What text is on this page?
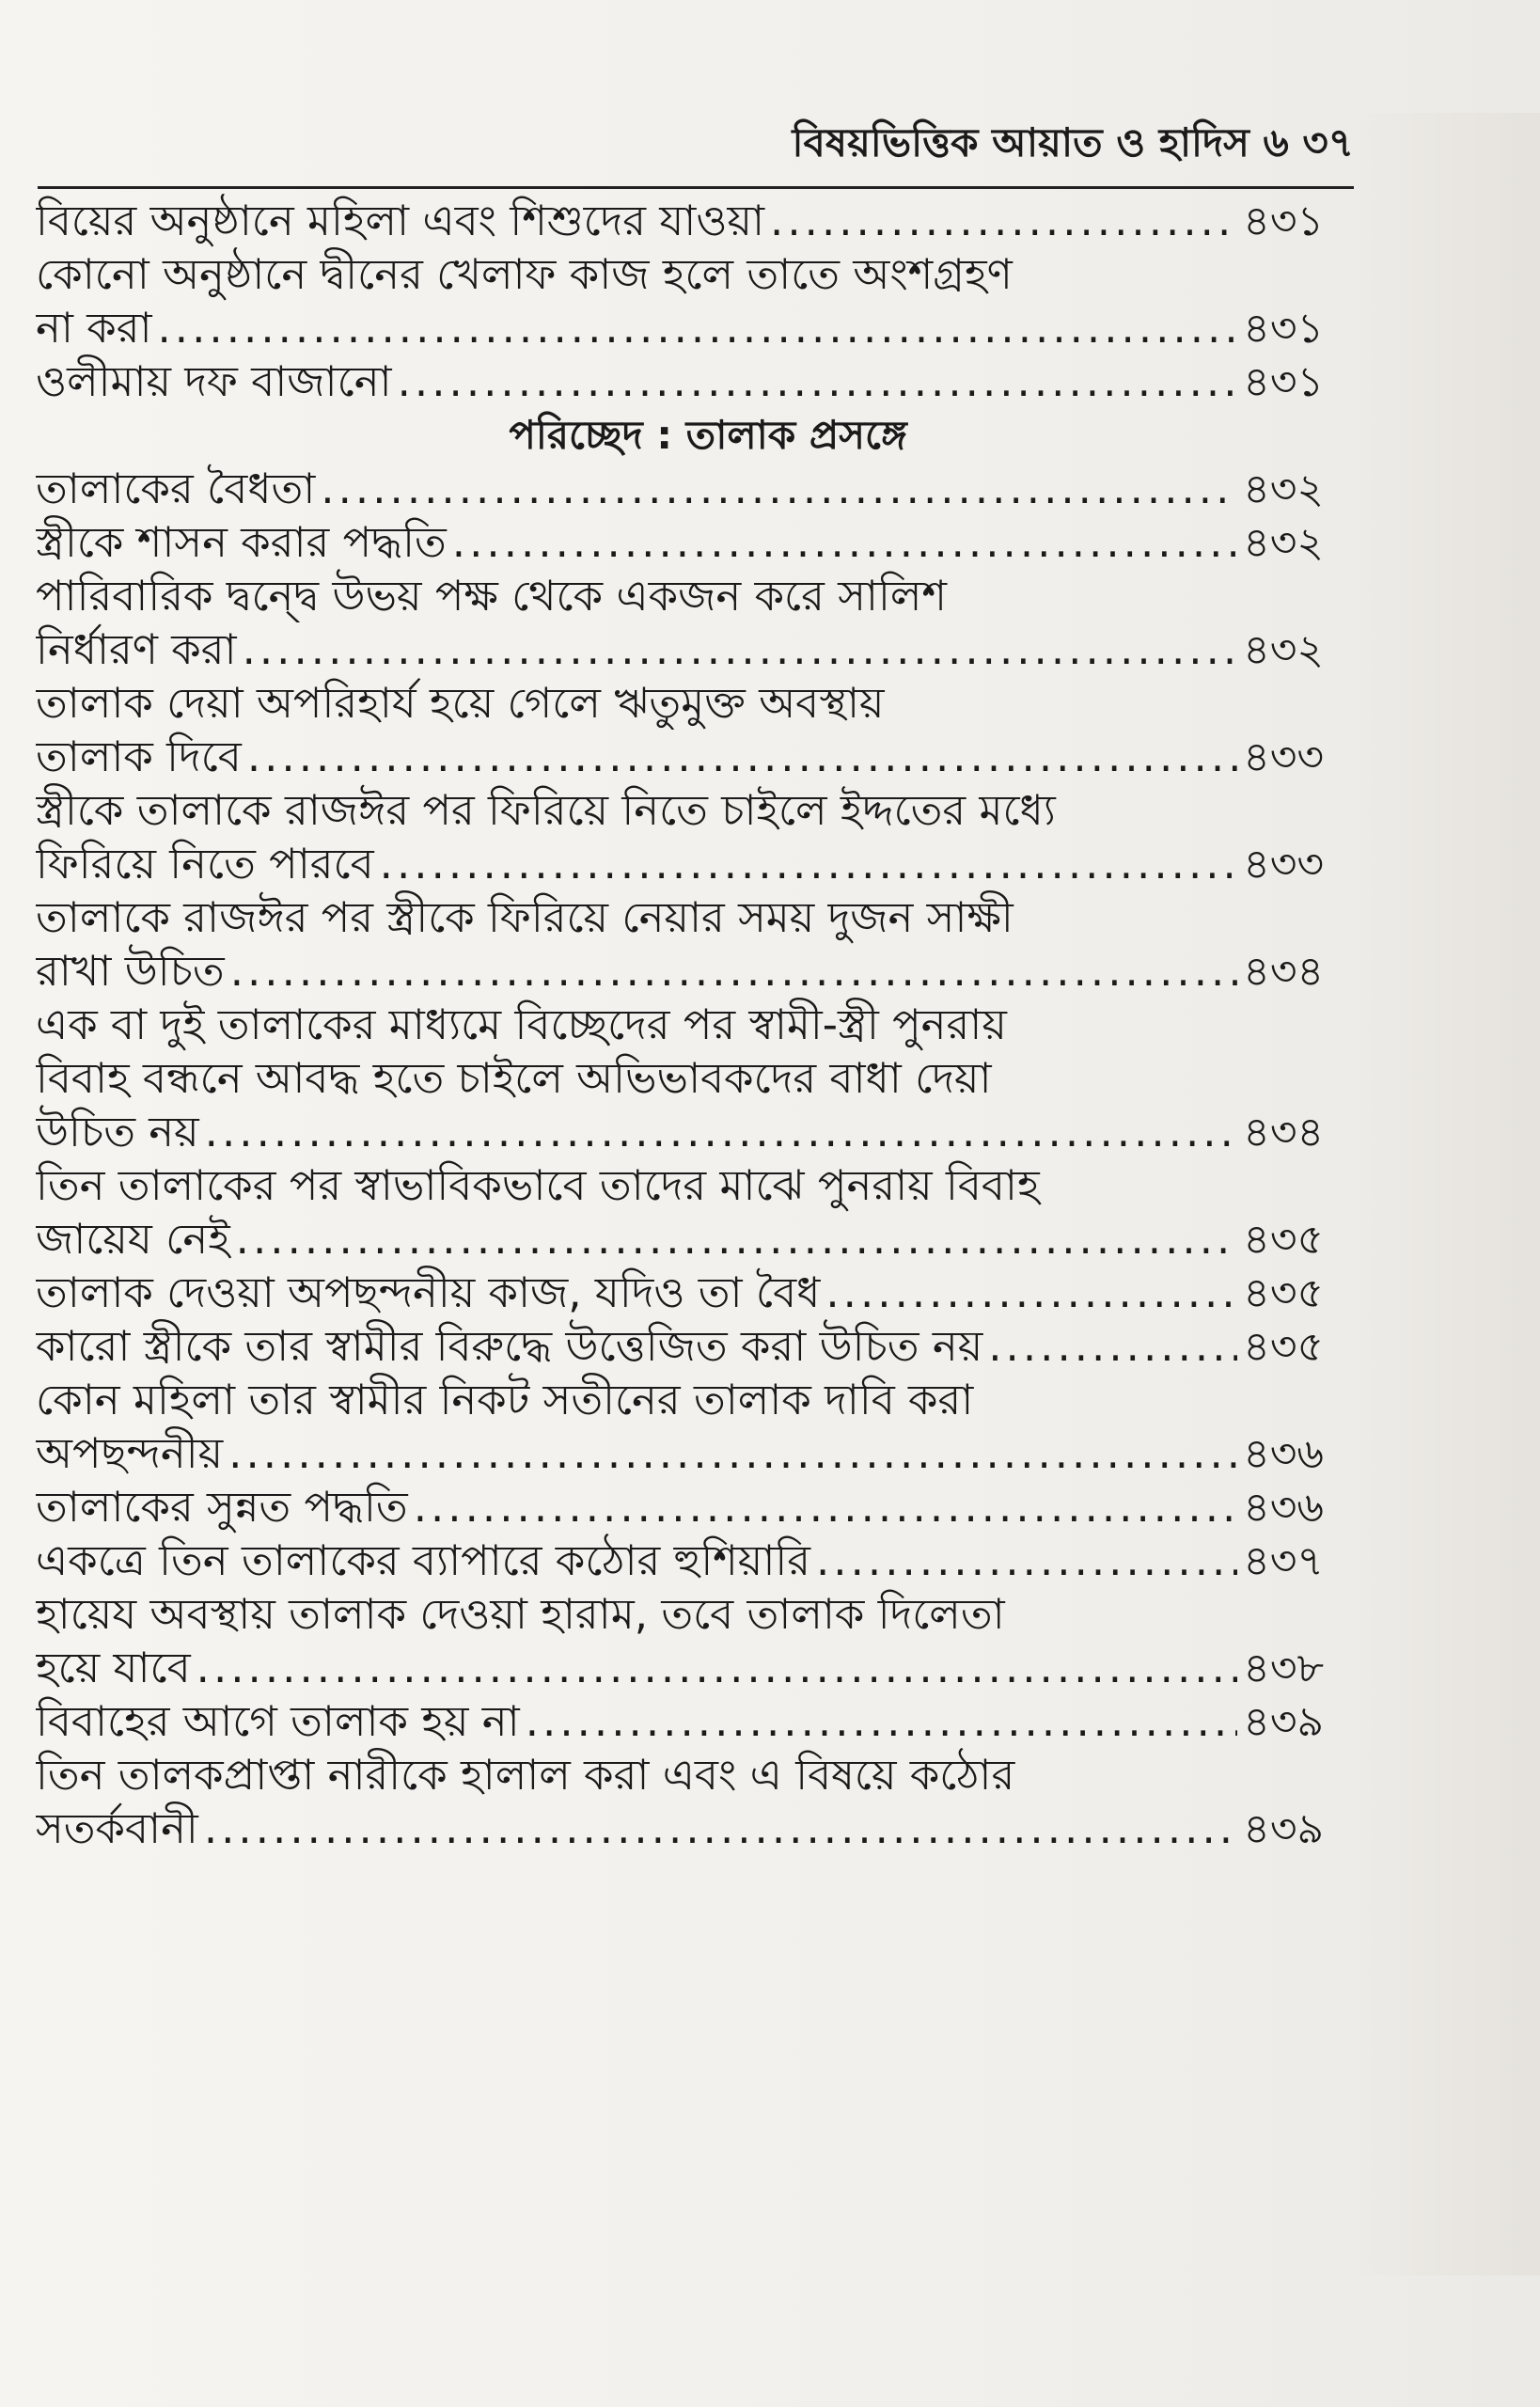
বিষয়ভিত্তিক আয়াত ও হাদিস ৬ ৩৭
বিয়ের অনুষ্ঠানে মহিলা এবং শিশুদের যাওয়া .....	৪৩১
কোনো অনুষ্ঠানে দ্বীনের খেলাফ কাজ হলে তাতে অংশগ্রহণ
না করা .....	৪৩১
ওলীমায় দফ বাজানো .....	৪৩১
পরিচ্ছেদ : তালাক প্রসঙ্গে
তালাকের বৈধতা .....	৪৩২
স্ত্রীকে শাসন করার পদ্ধতি .....	৪৩২
পারিবারিক দ্বন্দ্বে উভয় পক্ষ থেকে একজন করে সালিশ
নির্ধারণ করা .....	৪৩২
তালাক দেয়া অপরিহার্য হয়ে গেলে ঋতুমুক্ত অবস্থায়
তালাক দিবে .....	৪৩৩
স্ত্রীকে তালাকে রাজঈর পর ফিরিয়ে নিতে চাইলে ইদ্দতের মধ্যে
ফিরিয়ে নিতে পারবে .....	৪৩৩
তালাকে রাজঈর পর স্ত্রীকে ফিরিয়ে নেয়ার সময় দুজন সাক্ষী
রাখা উচিত .....	৪৩৪
এক বা দুই তালাকের মাধ্যমে বিচ্ছেদের পর স্বামী-স্ত্রী পুনরায়
বিবাহ বন্ধনে আবদ্ধ হতে চাইলে অভিভাবকদের বাধা দেয়া
উচিত নয় .....	৪৩৪
তিন তালাকের পর স্বাভাবিকভাবে তাদের মাঝে পুনরায় বিবাহ
জায়েয নেই .....	৪৩৫
তালাক দেওয়া অপছন্দনীয় কাজ, যদিও তা বৈধ .....	৪৩৫
কারো স্ত্রীকে তার স্বামীর বিরুদ্ধে উত্তেজিত করা উচিত নয় .....	৪৩৫
কোন মহিলা তার স্বামীর নিকট সতীনের তালাক দাবি করা
অপছন্দনীয় .....	৪৩৬
তালাকের সুন্নত পদ্ধতি .....	৪৩৬
একত্রে তিন তালাকের ব্যাপারে কঠোর হুশিয়ারি .....	৪৩৭
হায়েয অবস্থায় তালাক দেওয়া হারাম, তবে তালাক দিলেতা
হয়ে যাবে .....	৪৩৮
বিবাহের আগে তালাক হয় না .....	৪৩৯
তিন তালকপ্রাপ্তা নারীকে হালাল করা এবং এ বিষয়ে কঠোর
সতর্কবানী .....	৪৩৯
